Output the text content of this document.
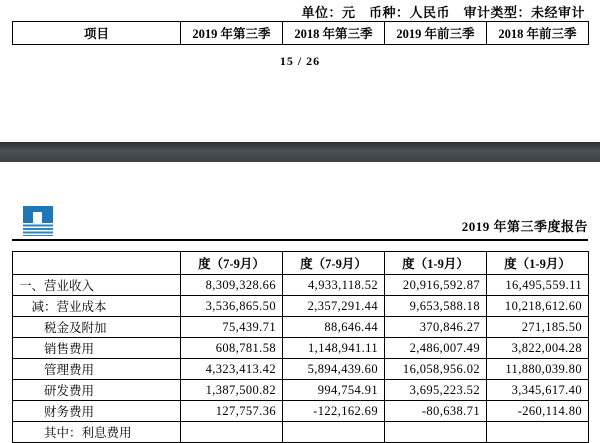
单位：元　币种：人民币　审计类型：未经审计
项目	2019 年第三季	2018 年第三季	2019 年前三季	2018 年前三季
15 / 26
2019 年第三季度报告
	度（7-9月）	度（7-9月）	度（1-9月）	度（1-9月）
一、营业收入	8,309,328.66	4,933,118.52	20,916,592.87	16,495,559.11
　减：营业成本	3,536,865.50	2,357,291.44	9,653,588.18	10,218,612.60
　　税金及附加	75,439.71	88,646.44	370,846.27	271,185.50
　　销售费用	608,781.58	1,148,941.11	2,486,007.49	3,822,004.28
　　管理费用	4,323,413.42	5,894,439.60	16,058,956.02	11,880,039.80
　　研发费用	1,387,500.82	994,754.91	3,695,223.52	3,345,617.40
　　财务费用	127,757.36	-122,162.69	-80,638.71	-260,114.80
　　其中：利息费用				
